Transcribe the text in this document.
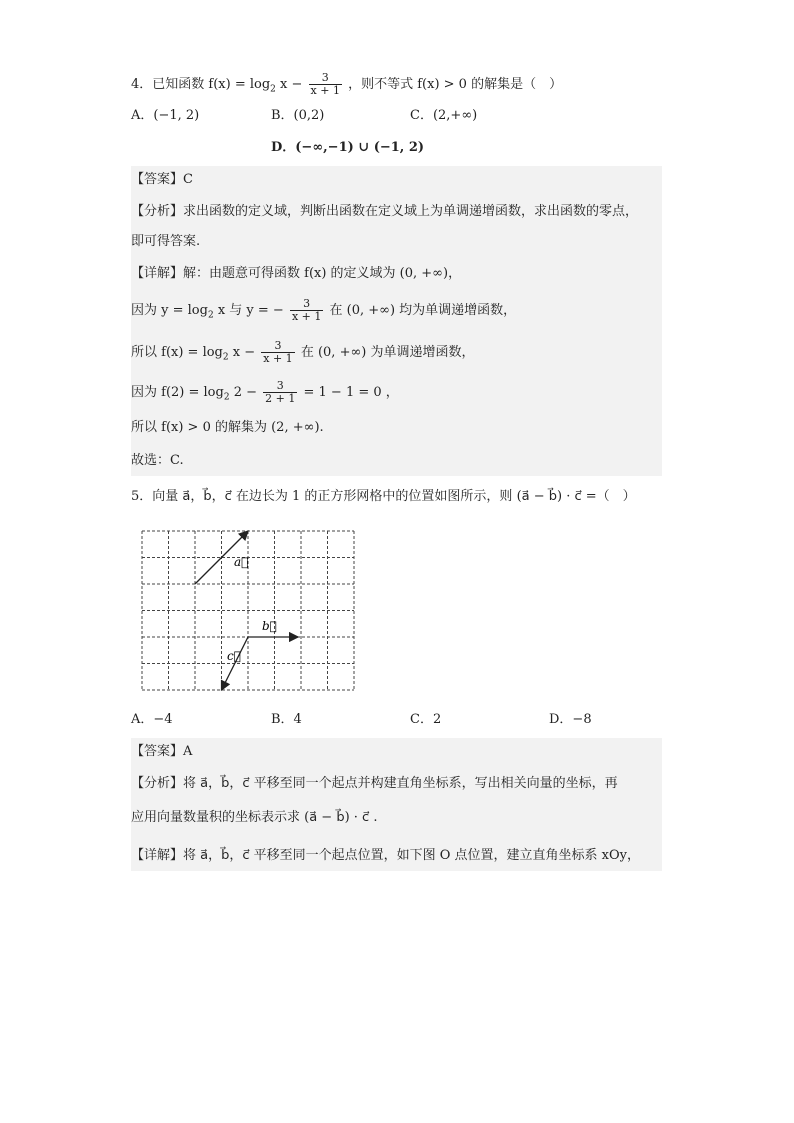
4．已知函数 $f(x) = \log_2 x - \frac{3}{x + 1}$ ，则不等式 f(x) > 0 的解集是（　）
A．(−1, 2)	B．(0,2)	C．(2,+∞)
D．(−∞,−1) ∪ (−1, 2)
【答案】C
【分析】求出函数的定义域，判断出函数在定义域上为单调递增函数，求出函数的零点，
即可得答案.
【详解】解：由题意可得函数 f(x) 的定义域为 (0, +∞)，
因为 $y = \log_2 x$ 与 y = − $\frac{3}{x + 1}$ 在 (0, +∞) 均为单调递增函数，
所以 $f(x) = \log_2 x - \frac{3}{x + 1}$ 在 (0, +∞) 为单调递增函数，
因为 $f(2) = \log_2 2 - \frac{3}{2 + 1} = 1 - 1 = 0$ ，
所以 f(x) > 0 的解集为 (2, +∞).
故选：C.
5．向量 a⃗，b⃗，c⃗ 在边长为 1 的正方形网格中的位置如图所示，则 (a⃗ − b⃗) · c⃗ =（　）
a⃗
b⃗
c⃗
A．−4	B．4	C．2	D．−8
【答案】A
【分析】将 a⃗，b⃗，c⃗ 平移至同一个起点并构建直角坐标系，写出相关向量的坐标，再
应用向量数量积的坐标表示求 (a⃗ − b⃗) · c⃗ .
【详解】将 a⃗，b⃗，c⃗ 平移至同一个起点位置，如下图 O 点位置，建立直角坐标系 xOy，
